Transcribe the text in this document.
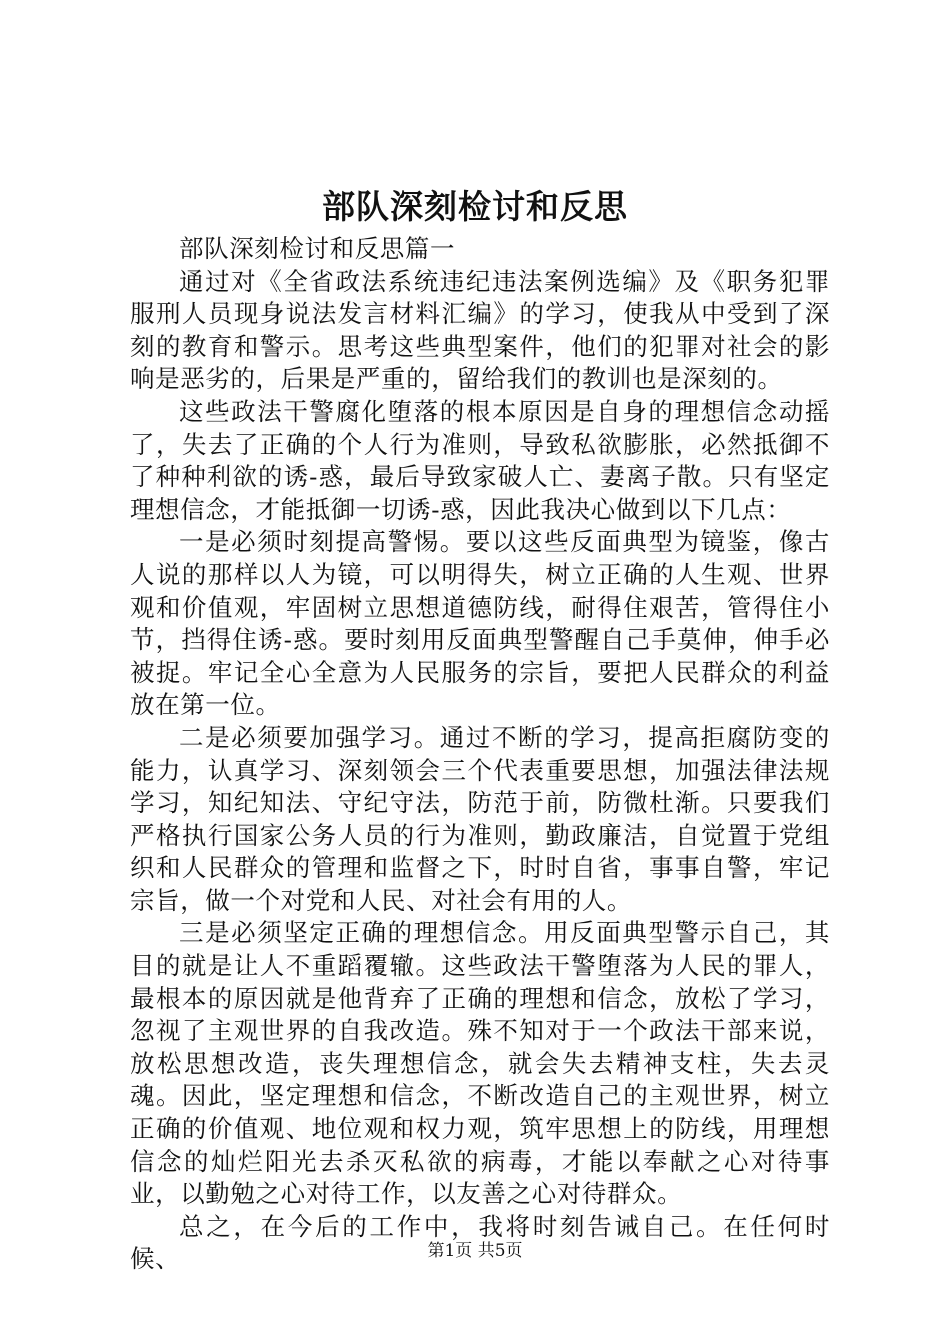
部队深刻检讨和反思

部队深刻检讨和反思篇一

通过对《全省政法系统违纪违法案例选编》及《职务犯罪服刑人员现身说法发言材料汇编》的学习，使我从中受到了深刻的教育和警示。思考这些典型案件，他们的犯罪对社会的影响是恶劣的，后果是严重的，留给我们的教训也是深刻的。

这些政法干警腐化堕落的根本原因是自身的理想信念动摇了，失去了正确的个人行为准则，导致私欲膨胀，必然抵御不了种种利欲的诱-惑，最后导致家破人亡、妻离子散。只有坚定理想信念，才能抵御一切诱-惑，因此我决心做到以下几点：

一是必须时刻提高警惕。要以这些反面典型为镜鉴，像古人说的那样以人为镜，可以明得失，树立正确的人生观、世界观和价值观，牢固树立思想道德防线，耐得住艰苦，管得住小节，挡得住诱-惑。要时刻用反面典型警醒自己手莫伸，伸手必被捉。牢记全心全意为人民服务的宗旨，要把人民群众的利益放在第一位。

二是必须要加强学习。通过不断的学习，提高拒腐防变的能力，认真学习、深刻领会三个代表重要思想，加强法律法规学习，知纪知法、守纪守法，防范于前，防微杜渐。只要我们严格执行国家公务人员的行为准则，勤政廉洁，自觉置于党组织和人民群众的管理和监督之下，时时自省，事事自警，牢记宗旨，做一个对党和人民、对社会有用的人。

三是必须坚定正确的理想信念。用反面典型警示自己，其目的就是让人不重蹈覆辙。这些政法干警堕落为人民的罪人，最根本的原因就是他背弃了正确的理想和信念，放松了学习，忽视了主观世界的自我改造。殊不知对于一个政法干部来说，放松思想改造，丧失理想信念，就会失去精神支柱，失去灵魂。因此，坚定理想和信念，不断改造自己的主观世界，树立正确的价值观、地位观和权力观，筑牢思想上的防线，用理想信念的灿烂阳光去杀灭私欲的病毒，才能以奉献之心对待事业，以勤勉之心对待工作，以友善之心对待群众。

总之，在今后的工作中，我将时刻告诫自己。在任何时候、	第1页 共5页
